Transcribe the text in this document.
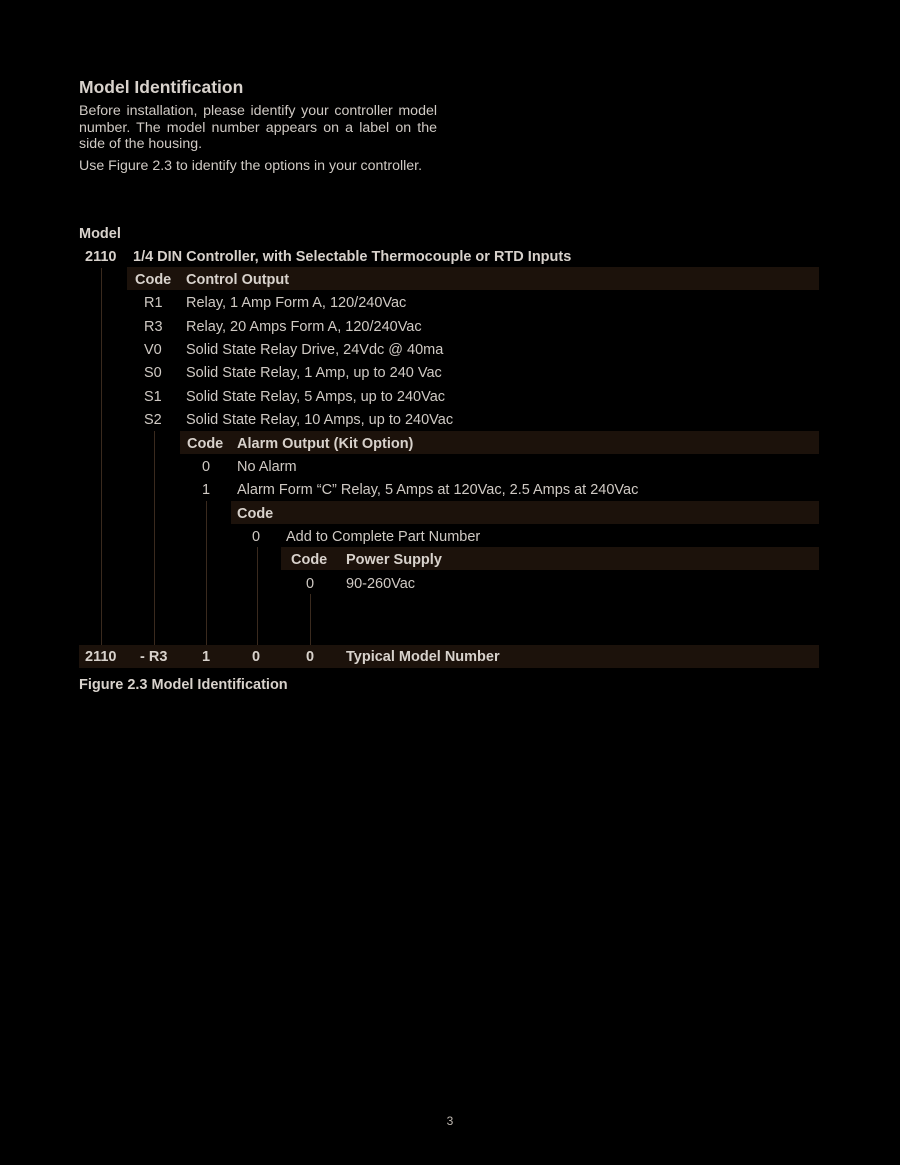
Model Identification
Before installation, please identify your controller model number. The model number appears on a label on the side of the housing.
Use Figure 2.3 to identify the options in your controller.
Model
2110 1/4 DIN Controller, with Selectable Thermocouple or RTD Inputs
Code Control Output
R1 Relay, 1 Amp Form A, 120/240Vac
R3 Relay, 20 Amps Form A, 120/240Vac
V0 Solid State Relay Drive, 24Vdc @ 40ma
S0 Solid State Relay, 1 Amp, up to 240 Vac
S1 Solid State Relay, 5 Amps, up to 240Vac
S2 Solid State Relay, 10 Amps, up to 240Vac
Code Alarm Output (Kit Option)
0 No Alarm
1 Alarm Form “C” Relay, 5 Amps at 120Vac, 2.5 Amps at 240Vac
Code
0 Add to Complete Part Number
Code Power Supply
0 90-260Vac
2110 - R3 1	0	0 Typical Model Number
Figure 2.3 Model Identification
3
